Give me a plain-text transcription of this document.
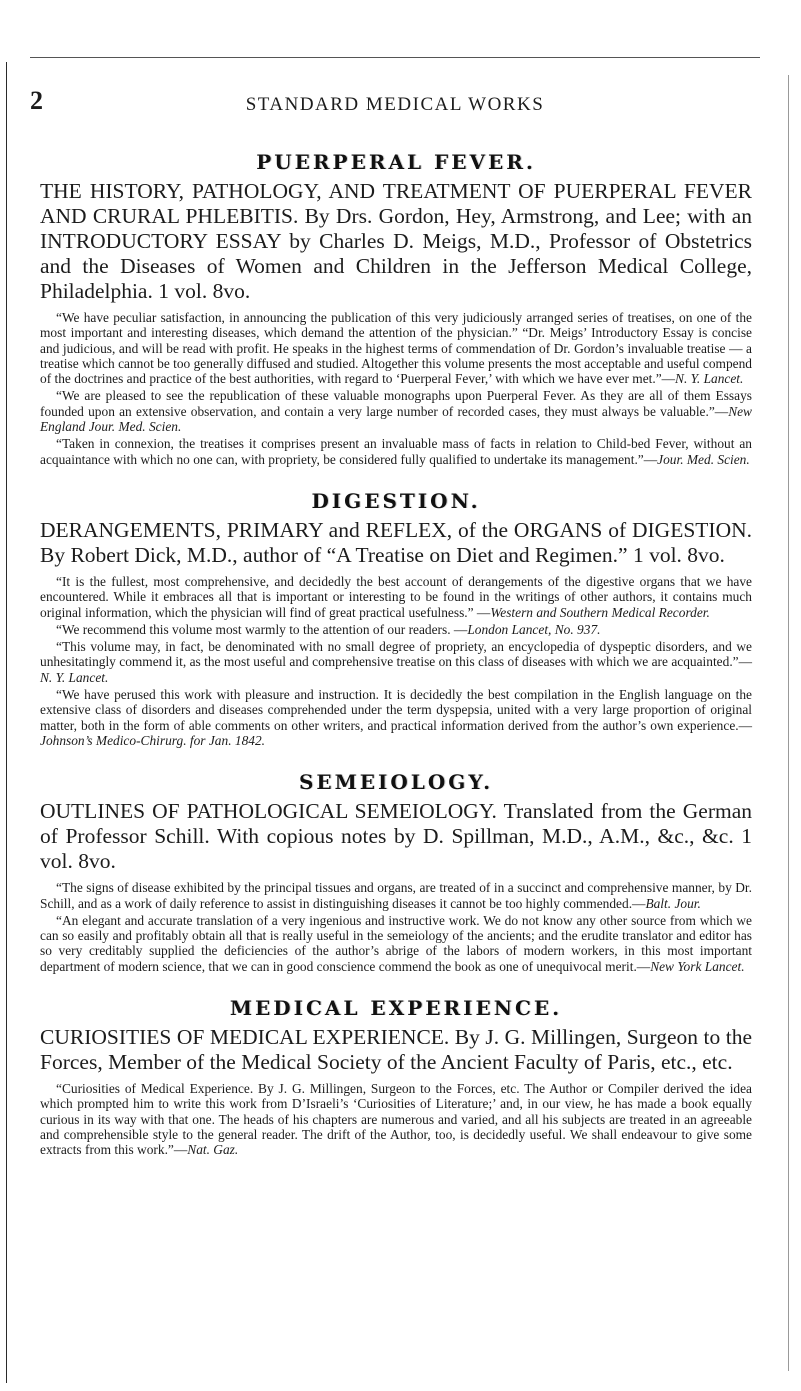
2	STANDARD MEDICAL WORKS
PUERPERAL FEVER.
THE HISTORY, PATHOLOGY, AND TREATMENT OF PUERPERAL FEVER AND CRURAL PHLEBITIS. By Drs. Gordon, Hey, Armstrong, and Lee; with an INTRODUCTORY ESSAY by Charles D. Meigs, M.D., Professor of Obstetrics and the Diseases of Women and Children in the Jefferson Medical College, Philadelphia. 1 vol. 8vo.

“We have peculiar satisfaction, in announcing the publication of this very judiciously arranged series of treatises, on one of the most important and interesting diseases, which demand the attention of the physician.” “Dr. Meigs’ Introductory Essay is concise and judicious, and will be read with profit. He speaks in the highest terms of commendation of Dr. Gordon’s invaluable treatise — a treatise which cannot be too generally diffused and studied. Altogether this volume presents the most acceptable and useful compend of the doctrines and practice of the best authorities, with regard to ‘Puerperal Fever,’ with which we have ever met.”—N. Y. Lancet.

“We are pleased to see the republication of these valuable monographs upon Puerperal Fever. As they are all of them Essays founded upon an extensive observation, and contain a very large number of recorded cases, they must always be valuable.”—New England Jour. Med. Scien.

“Taken in connexion, the treatises it comprises present an invaluable mass of facts in relation to Child-bed Fever, without an acquaintance with which no one can, with propriety, be considered fully qualified to undertake its management.”—Jour. Med. Scien.

DIGESTION.
DERANGEMENTS, PRIMARY and REFLEX, of the ORGANS of DIGESTION. By Robert Dick, M.D., author of “A Treatise on Diet and Regimen.” 1 vol. 8vo.

“It is the fullest, most comprehensive, and decidedly the best account of derangements of the digestive organs that we have encountered. While it embraces all that is important or interesting to be found in the writings of other authors, it contains much original information, which the physician will find of great practical usefulness.” —Western and Southern Medical Recorder.

“We recommend this volume most warmly to the attention of our readers. —London Lancet, No. 937.

“This volume may, in fact, be denominated with no small degree of propriety, an encyclopedia of dyspeptic disorders, and we unhesitatingly commend it, as the most useful and comprehensive treatise on this class of diseases with which we are acquainted.”—N. Y. Lancet.

“We have perused this work with pleasure and instruction. It is decidedly the best compilation in the English language on the extensive class of disorders and diseases comprehended under the term dyspepsia, united with a very large proportion of original matter, both in the form of able comments on other writers, and practical information derived from the author’s own experience.—Johnson’s Medico-Chirurg. for Jan. 1842.

SEMEIOLOGY.
OUTLINES OF PATHOLOGICAL SEMEIOLOGY. Translated from the German of Professor Schill. With copious notes by D. Spillman, M.D., A.M., &c., &c. 1 vol. 8vo.

“The signs of disease exhibited by the principal tissues and organs, are treated of in a succinct and comprehensive manner, by Dr. Schill, and as a work of daily reference to assist in distinguishing diseases it cannot be too highly commended.—Balt. Jour.

“An elegant and accurate translation of a very ingenious and instructive work. We do not know any other source from which we can so easily and profitably obtain all that is really useful in the semeiology of the ancients; and the erudite translator and editor has so very creditably supplied the deficiencies of the author’s abrige of the labors of modern workers, in this most important department of modern science, that we can in good conscience commend the book as one of unequivocal merit.—New York Lancet.

MEDICAL EXPERIENCE.
CURIOSITIES OF MEDICAL EXPERIENCE. By J. G. Millingen, Surgeon to the Forces, Member of the Medical Society of the Ancient Faculty of Paris, etc., etc.

“Curiosities of Medical Experience. By J. G. Millingen, Surgeon to the Forces, etc. The Author or Compiler derived the idea which prompted him to write this work from D’Israeli’s ‘Curiosities of Literature;’ and, in our view, he has made a book equally curious in its way with that one. The heads of his chapters are numerous and varied, and all his subjects are treated in an agreeable and comprehensible style to the general reader. The drift of the Author, too, is decidedly useful. We shall endeavour to give some extracts from this work.”—Nat. Gaz.
